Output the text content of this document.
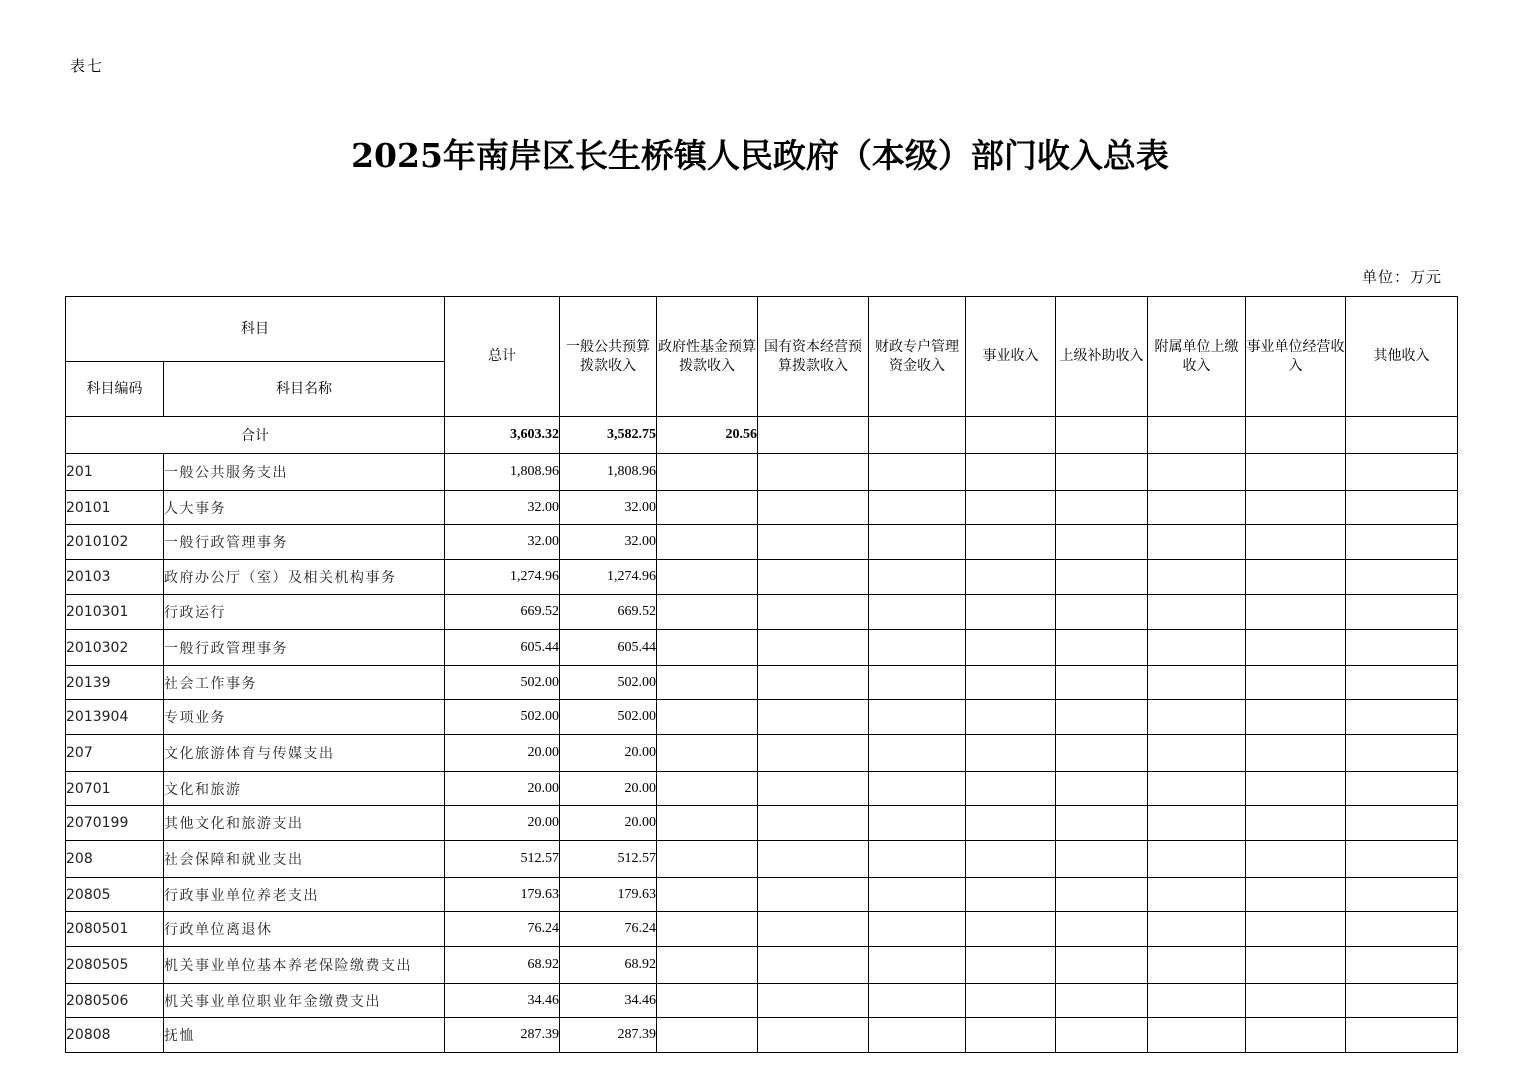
表七
2025年南岸区长生桥镇人民政府（本级）部门收入总表
单位：万元
科目		总计	一般公共预算拨款收入	政府性基金预算拨款收入	国有资本经营预算拨款收入	财政专户管理资金收入	事业收入	上级补助收入	附属单位上缴收入	事业单位经营收入	其他收入
科目编码	科目名称										
合计		3,603.32	3,582.75	20.56							
201	一般公共服务支出	1,808.96	1,808.96								
20101	人大事务	32.00	32.00								
2010102	一般行政管理事务	32.00	32.00								
20103	政府办公厅（室）及相关机构事务	1,274.96	1,274.96								
2010301	行政运行	669.52	669.52								
2010302	一般行政管理事务	605.44	605.44								
20139	社会工作事务	502.00	502.00								
2013904	专项业务	502.00	502.00								
207	文化旅游体育与传媒支出	20.00	20.00								
20701	文化和旅游	20.00	20.00								
2070199	其他文化和旅游支出	20.00	20.00								
208	社会保障和就业支出	512.57	512.57								
20805	行政事业单位养老支出	179.63	179.63								
2080501	行政单位离退休	76.24	76.24								
2080505	机关事业单位基本养老保险缴费支出	68.92	68.92								
2080506	机关事业单位职业年金缴费支出	34.46	34.46								
20808	抚恤	287.39	287.39								
